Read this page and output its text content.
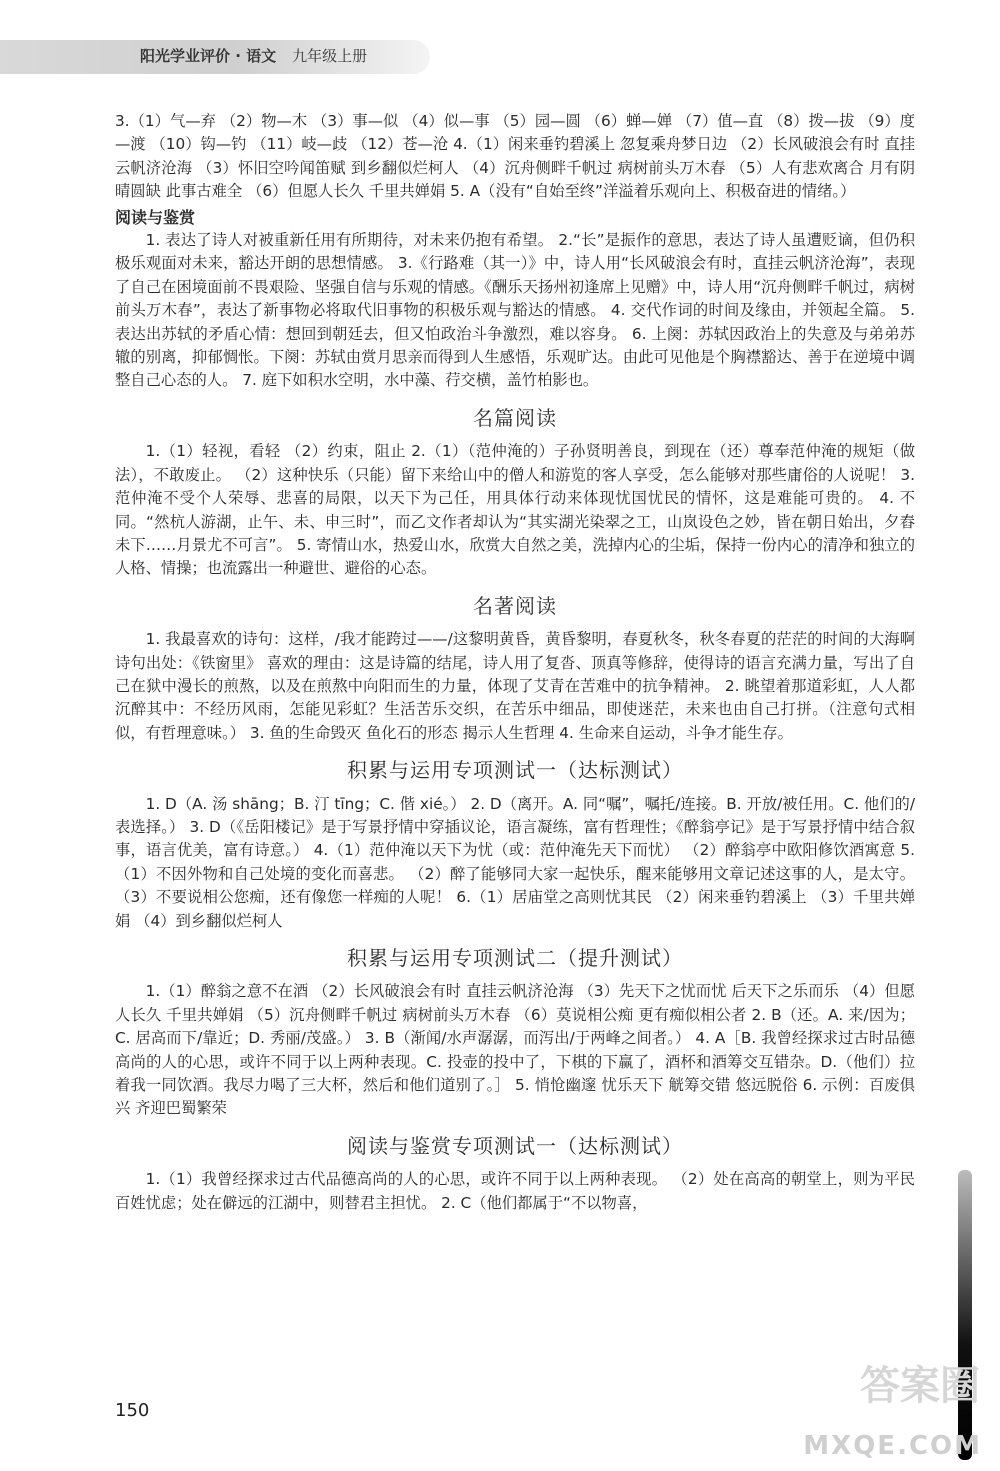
阳光学业评价 · 语文 九年级上册

3.（1）气—弃 （2）物—木 （3）事—似 （4）似—事 （5）园—圆 （6）蝉—婵 （7）值—直 （8）拨—拔 （9）度—渡 （10）钩—钓 （11）岐—歧 （12）苍—沧 4.（1）闲来垂钓碧溪上 忽复乘舟梦日边 （2）长风破浪会有时 直挂云帆济沧海 （3）怀旧空吟闻笛赋 到乡翻似烂柯人 （4）沉舟侧畔千帆过 病树前头万木春 （5）人有悲欢离合 月有阴晴圆缺 此事古难全 （6）但愿人长久 千里共婵娟 5. A（没有“自始至终”洋溢着乐观向上、积极奋进的情绪。）

阅读与鉴赏

1. 表达了诗人对被重新任用有所期待，对未来仍抱有希望。 2.“长”是振作的意思，表达了诗人虽遭贬谪，但仍积极乐观面对未来，豁达开朗的思想情感。 3.《行路难（其一）》中，诗人用“长风破浪会有时，直挂云帆济沧海”，表现了自己在困境面前不畏艰险、坚强自信与乐观的情感。《酬乐天扬州初逢席上见赠》中，诗人用“沉舟侧畔千帆过，病树前头万木春”，表达了新事物必将取代旧事物的积极乐观与豁达的情感。 4. 交代作词的时间及缘由，并领起全篇。 5. 表达出苏轼的矛盾心情：想回到朝廷去，但又怕政治斗争激烈，难以容身。 6. 上阕：苏轼因政治上的失意及与弟弟苏辙的别离，抑郁惆怅。下阕：苏轼由赏月思亲而得到人生感悟，乐观旷达。由此可见他是个胸襟豁达、善于在逆境中调整自己心态的人。 7. 庭下如积水空明，水中藻、荇交横，盖竹柏影也。

名篇阅读

1.（1）轻视，看轻 （2）约束，阻止 2.（1）（范仲淹的）子孙贤明善良，到现在（还）尊奉范仲淹的规矩（做法），不敢废止。 （2）这种快乐（只能）留下来给山中的僧人和游览的客人享受，怎么能够对那些庸俗的人说呢！ 3. 范仲淹不受个人荣辱、悲喜的局限，以天下为己任，用具体行动来体现忧国忧民的情怀，这是难能可贵的。 4. 不同。“然杭人游湖，止午、未、申三时”，而乙文作者却认为“其实湖光染翠之工，山岚设色之妙，皆在朝日始出，夕舂未下……月景尤不可言”。 5. 寄情山水，热爱山水，欣赏大自然之美，洗掉内心的尘垢，保持一份内心的清净和独立的人格、情操；也流露出一种避世、避俗的心态。

名著阅读

1. 我最喜欢的诗句：这样，/我才能跨过——/这黎明黄昏，黄昏黎明，春夏秋冬，秋冬春夏的茫茫的时间的大海啊 诗句出处：《铁窗里》 喜欢的理由：这是诗篇的结尾，诗人用了复沓、顶真等修辞，使得诗的语言充满力量，写出了自己在狱中漫长的煎熬，以及在煎熬中向阳而生的力量，体现了艾青在苦难中的抗争精神。 2. 眺望着那道彩虹，人人都沉醉其中：不经历风雨，怎能见彩虹？生活苦乐交织，在苦乐中细品，即使迷茫，未来也由自己打拼。（注意句式相似，有哲理意味。） 3. 鱼的生命毁灭 鱼化石的形态 揭示人生哲理 4. 生命来自运动，斗争才能生存。

积累与运用专项测试一（达标测试）

1. D（A. 汤 shāng；B. 汀 tīng；C. 偕 xié。） 2. D（离开。A. 同“嘱”，嘱托/连接。B. 开放/被任用。C. 他们的/表选择。） 3. D（《岳阳楼记》是于写景抒情中穿插议论，语言凝练，富有哲理性；《醉翁亭记》是于写景抒情中结合叙事，语言优美，富有诗意。） 4.（1）范仲淹以天下为忧（或：范仲淹先天下而忧） （2）醉翁亭中欧阳修饮酒寓意 5.（1）不因外物和自己处境的变化而喜悲。 （2）醉了能够同大家一起快乐，醒来能够用文章记述这事的人，是太守。 （3）不要说相公您痴，还有像您一样痴的人呢！ 6.（1）居庙堂之高则忧其民 （2）闲来垂钓碧溪上 （3）千里共婵娟 （4）到乡翻似烂柯人

积累与运用专项测试二（提升测试）

1.（1）醉翁之意不在酒 （2）长风破浪会有时 直挂云帆济沧海 （3）先天下之忧而忧 后天下之乐而乐 （4）但愿人长久 千里共婵娟 （5）沉舟侧畔千帆过 病树前头万木春 （6）莫说相公痴 更有痴似相公者 2. B（还。A. 来/因为；C. 居高而下/靠近；D. 秀丽/茂盛。） 3. B（渐闻/水声潺潺，而泻出/于两峰之间者。） 4. A［B. 我曾经探求过古时品德高尚的人的心思，或许不同于以上两种表现。C. 投壶的投中了，下棋的下赢了，酒杯和酒筹交互错杂。D.（他们）拉着我一同饮酒。我尽力喝了三大杯，然后和他们道别了。］ 5. 悄怆幽邃 忧乐天下 觥筹交错 悠远脱俗 6. 示例：百废俱兴 齐迎巴蜀繁荣

阅读与鉴赏专项测试一（达标测试）

1.（1）我曾经探求过古代品德高尚的人的心思，或许不同于以上两种表现。 （2）处在高高的朝堂上，则为平民百姓忧虑；处在僻远的江湖中，则替君主担忧。 2. C（他们都属于“不以物喜，

150
答案圈
MXQE.COM
